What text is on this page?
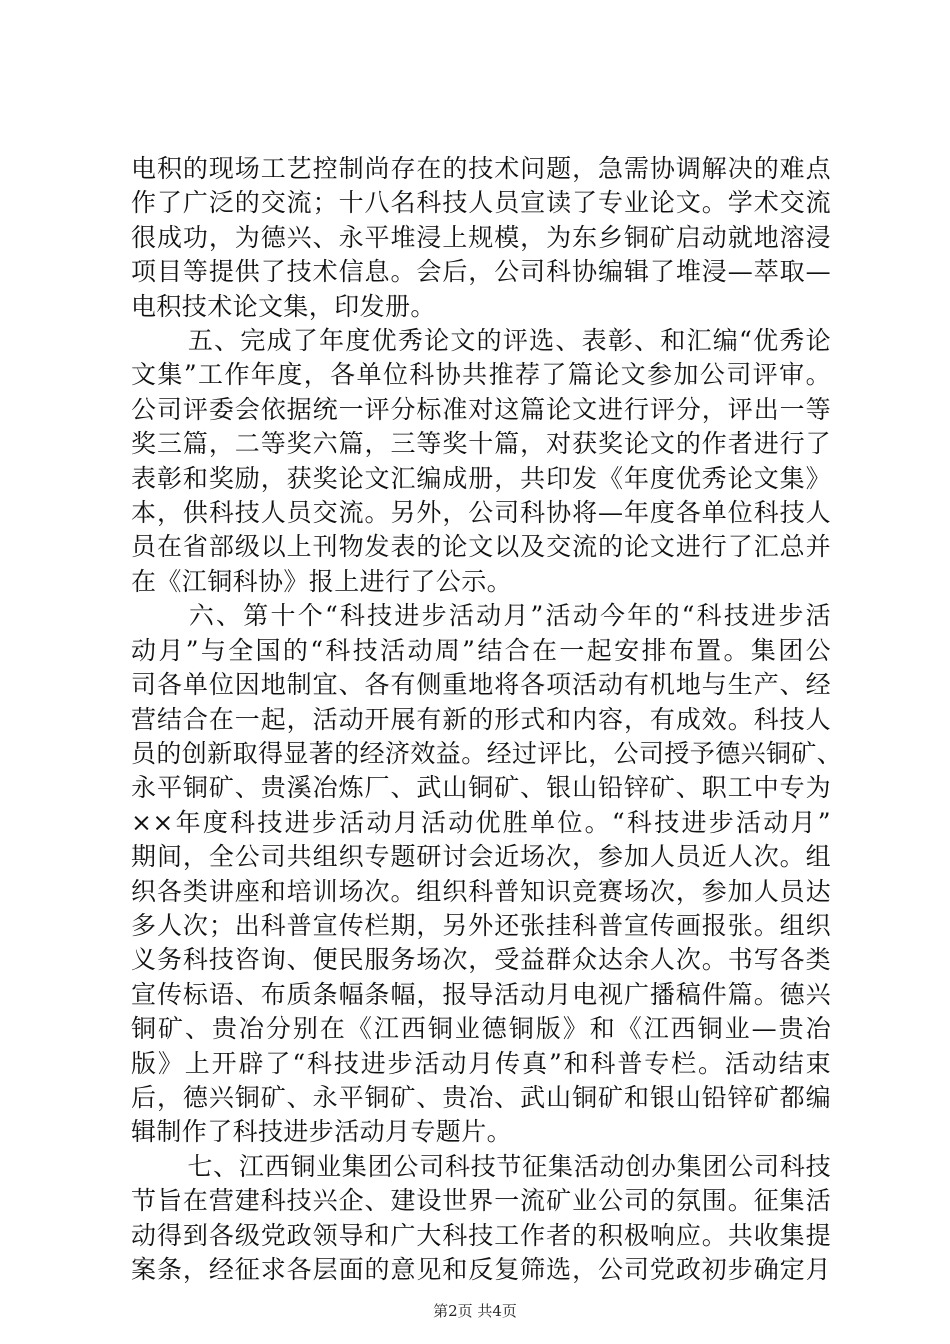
电积的现场工艺控制尚存在的技术问题，急需协调解决的难点
作了广泛的交流；十八名科技人员宣读了专业论文。学术交流
很成功，为德兴、永平堆浸上规模，为东乡铜矿启动就地溶浸
项目等提供了技术信息。会后，公司科协编辑了堆浸—萃取—
电积技术论文集，印发册。

五、完成了年度优秀论文的评选、表彰、和汇编“优秀论
文集”工作年度，各单位科协共推荐了篇论文参加公司评审。
公司评委会依据统一评分标准对这篇论文进行评分，评出一等
奖三篇，二等奖六篇，三等奖十篇，对获奖论文的作者进行了
表彰和奖励，获奖论文汇编成册，共印发《年度优秀论文集》
本，供科技人员交流。另外，公司科协将—年度各单位科技人
员在省部级以上刊物发表的论文以及交流的论文进行了汇总并
在《江铜科协》报上进行了公示。

六、第十个“科技进步活动月”活动今年的“科技进步活
动月”与全国的“科技活动周”结合在一起安排布置。集团公
司各单位因地制宜、各有侧重地将各项活动有机地与生产、经
营结合在一起，活动开展有新的形式和内容，有成效。科技人
员的创新取得显著的经济效益。经过评比，公司授予德兴铜矿、
永平铜矿、贵溪冶炼厂、武山铜矿、银山铅锌矿、职工中专为
××年度科技进步活动月活动优胜单位。“科技进步活动月”
期间，全公司共组织专题研讨会近场次，参加人员近人次。组
织各类讲座和培训场次。组织科普知识竞赛场次，参加人员达
多人次；出科普宣传栏期，另外还张挂科普宣传画报张。组织
义务科技咨询、便民服务场次，受益群众达余人次。书写各类
宣传标语、布质条幅条幅，报导活动月电视广播稿件篇。德兴
铜矿、贵冶分别在《江西铜业德铜版》和《江西铜业—贵冶
版》上开辟了“科技进步活动月传真”和科普专栏。活动结束
后，德兴铜矿、永平铜矿、贵冶、武山铜矿和银山铅锌矿都编
辑制作了科技进步活动月专题片。

七、江西铜业集团公司科技节征集活动创办集团公司科技
节旨在营建科技兴企、建设世界一流矿业公司的氛围。征集活
动得到各级党政领导和广大科技工作者的积极响应。共收集提
案条，经征求各层面的意见和反复筛选，公司党政初步确定月

第2页 共4页
